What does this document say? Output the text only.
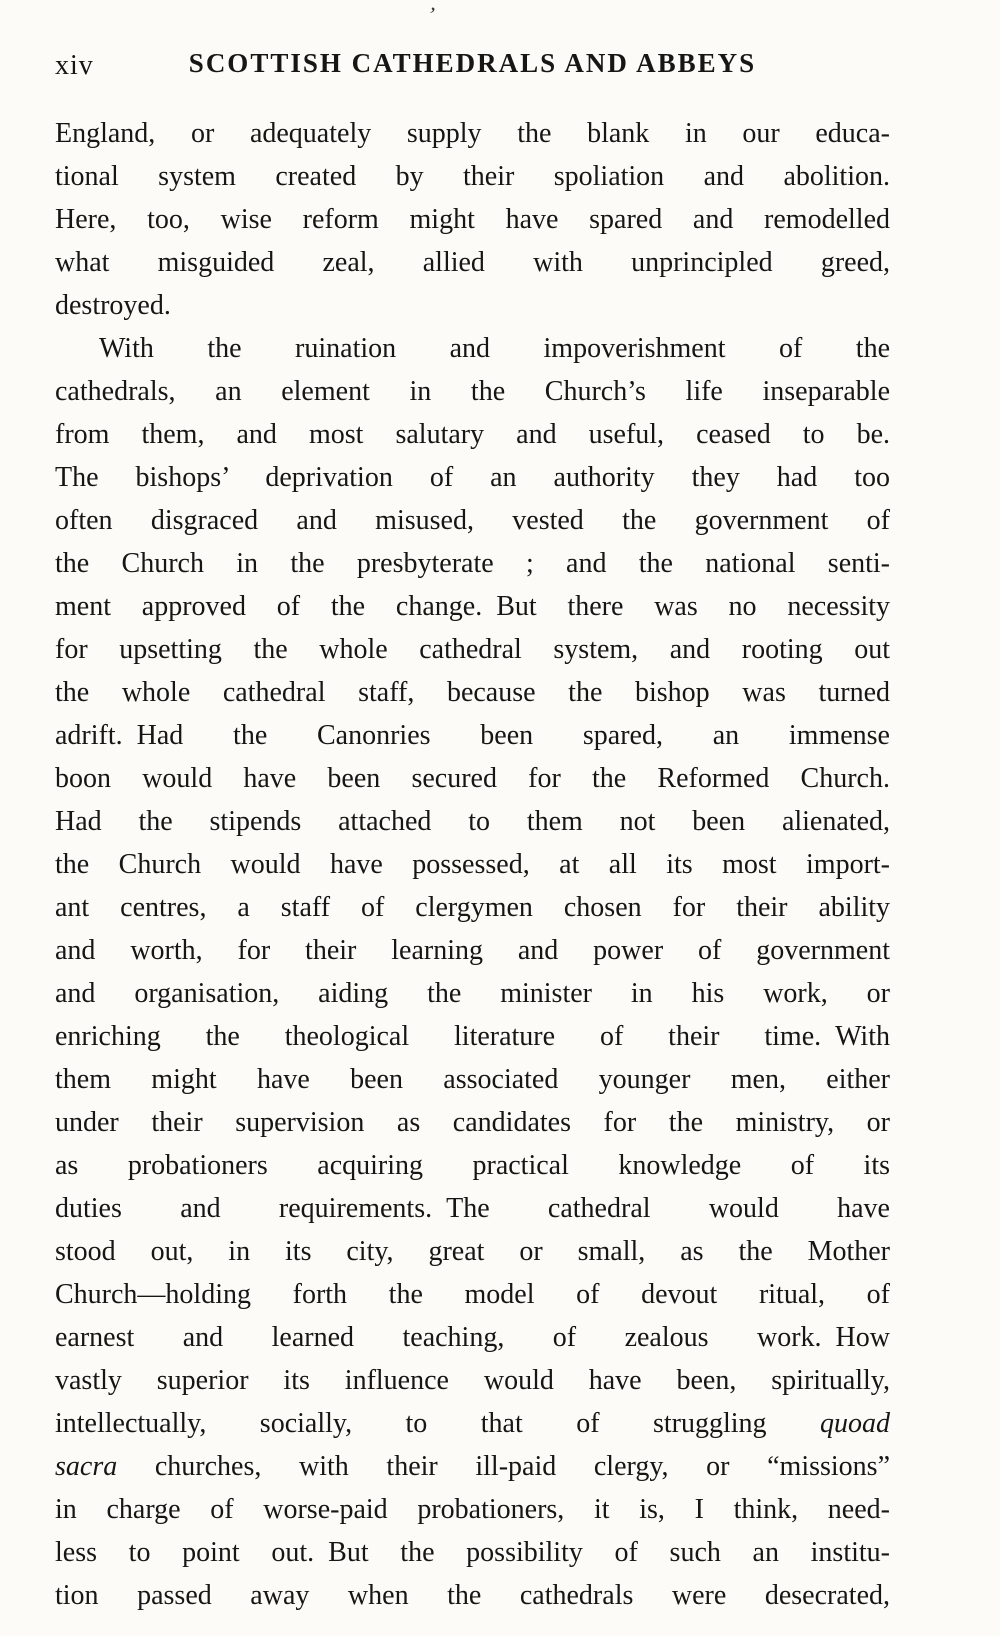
’
xiv	SCOTTISH CATHEDRALS AND ABBEYS
England, or adequately supply the blank in our educa-
tional system created by their spoliation and abolition.
Here, too, wise reform might have spared and remodelled
what misguided zeal, allied with unprincipled greed,
destroyed.
With the ruination and impoverishment of the
cathedrals, an element in the Church’s life inseparable
from them, and most salutary and useful, ceased to be.
The bishops’ deprivation of an authority they had too
often disgraced and misused, vested the government of
the Church in the presbyterate ; and the national senti-
ment approved of the change. But there was no necessity
for upsetting the whole cathedral system, and rooting out
the whole cathedral staff, because the bishop was turned
adrift. Had the Canonries been spared, an immense
boon would have been secured for the Reformed Church.
Had the stipends attached to them not been alienated,
the Church would have possessed, at all its most import-
ant centres, a staff of clergymen chosen for their ability
and worth, for their learning and power of government
and organisation, aiding the minister in his work, or
enriching the theological literature of their time. With
them might have been associated younger men, either
under their supervision as candidates for the ministry, or
as probationers acquiring practical knowledge of its
duties and requirements. The cathedral would have
stood out, in its city, great or small, as the Mother
Church—holding forth the model of devout ritual, of
earnest and learned teaching, of zealous work. How
vastly superior its influence would have been, spiritually,
intellectually, socially, to that of struggling quoad
sacra churches, with their ill-paid clergy, or “missions”
in charge of worse-paid probationers, it is, I think, need-
less to point out. But the possibility of such an institu-
tion passed away when the cathedrals were desecrated,
